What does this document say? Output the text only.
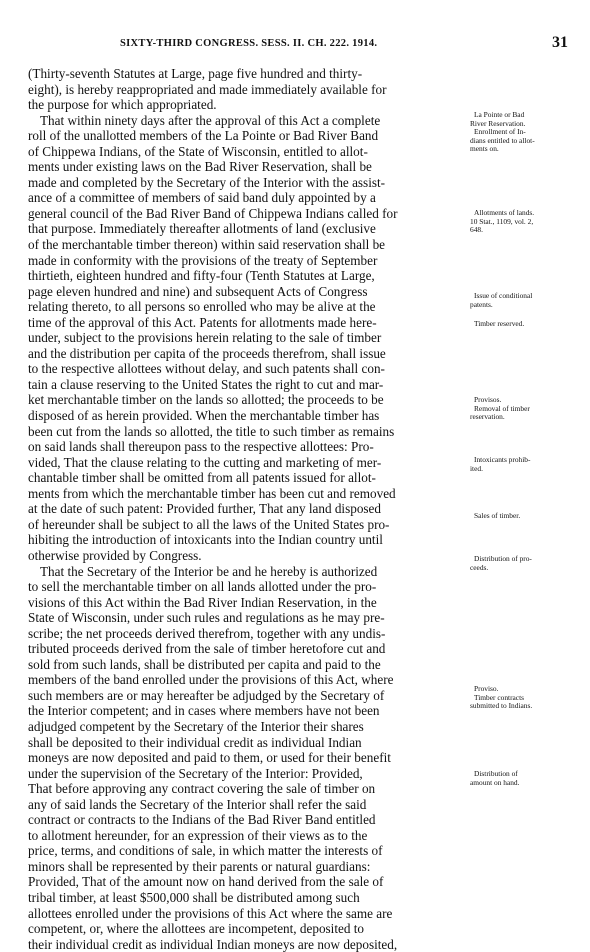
SIXTY-THIRD CONGRESS. SESS. II. CH. 222. 1914.	31
(Thirty-seventh Statutes at Large, page five hundred and thirty-
eight), is hereby reappropriated and made immediately available for
the purpose for which appropriated.
That within ninety days after the approval of this Act a complete
roll of the unallotted members of the La Pointe or Bad River Band
of Chippewa Indians, of the State of Wisconsin, entitled to allot-
ments under existing laws on the Bad River Reservation, shall be
made and completed by the Secretary of the Interior with the assist-
ance of a committee of members of said band duly appointed by a
general council of the Bad River Band of Chippewa Indians called for
that purpose. Immediately thereafter allotments of land (exclusive
of the merchantable timber thereon) within said reservation shall be
made in conformity with the provisions of the treaty of September
thirtieth, eighteen hundred and fifty-four (Tenth Statutes at Large,
page eleven hundred and nine) and subsequent Acts of Congress
relating thereto, to all persons so enrolled who may be alive at the
time of the approval of this Act. Patents for allotments made here-
under, subject to the provisions herein relating to the sale of timber
and the distribution per capita of the proceeds therefrom, shall issue
to the respective allottees without delay, and such patents shall con-
tain a clause reserving to the United States the right to cut and mar-
ket merchantable timber on the lands so allotted; the proceeds to be
disposed of as herein provided. When the merchantable timber has
been cut from the lands so allotted, the title to such timber as remains
on said lands shall thereupon pass to the respective allottees: Pro-
vided, That the clause relating to the cutting and marketing of mer-
chantable timber shall be omitted from all patents issued for allot-
ments from which the merchantable timber has been cut and removed
at the date of such patent: Provided further, That any land disposed
of hereunder shall be subject to all the laws of the United States pro-
hibiting the introduction of intoxicants into the Indian country until
otherwise provided by Congress.
That the Secretary of the Interior be and he hereby is authorized
to sell the merchantable timber on all lands allotted under the pro-
visions of this Act within the Bad River Indian Reservation, in the
State of Wisconsin, under such rules and regulations as he may pre-
scribe; the net proceeds derived therefrom, together with any undis-
tributed proceeds derived from the sale of timber heretofore cut and
sold from such lands, shall be distributed per capita and paid to the
members of the band enrolled under the provisions of this Act, where
such members are or may hereafter be adjudged by the Secretary of
the Interior competent; and in cases where members have not been
adjudged competent by the Secretary of the Interior their shares
shall be deposited to their individual credit as individual Indian
moneys are now deposited and paid to them, or used for their benefit
under the supervision of the Secretary of the Interior: Provided,
That before approving any contract covering the sale of timber on
any of said lands the Secretary of the Interior shall refer the said
contract or contracts to the Indians of the Bad River Band entitled
to allotment hereunder, for an expression of their views as to the
price, terms, and conditions of sale, in which matter the interests of
minors shall be represented by their parents or natural guardians:
Provided, That of the amount now on hand derived from the sale of
tribal timber, at least $500,000 shall be distributed among such
allottees enrolled under the provisions of this Act where the same are
competent, or, where the allottees are incompetent, deposited to
their individual credit as individual Indian moneys are now deposited,
La Pointe or Bad
River Reservation.
Enrollment of In-
dians entitled to allot-
ments on.
Allotments of lands.
10 Stat., 1109, vol. 2,
648.
Issue of conditional
patents.
Timber reserved.
Provisos.
Removal of timber
reservation.
Intoxicants prohib-
ited.
Sales of timber.
Distribution of pro-
ceeds.
Proviso.
Timber contracts
submitted to Indians.
Distribution of
amount on hand.
